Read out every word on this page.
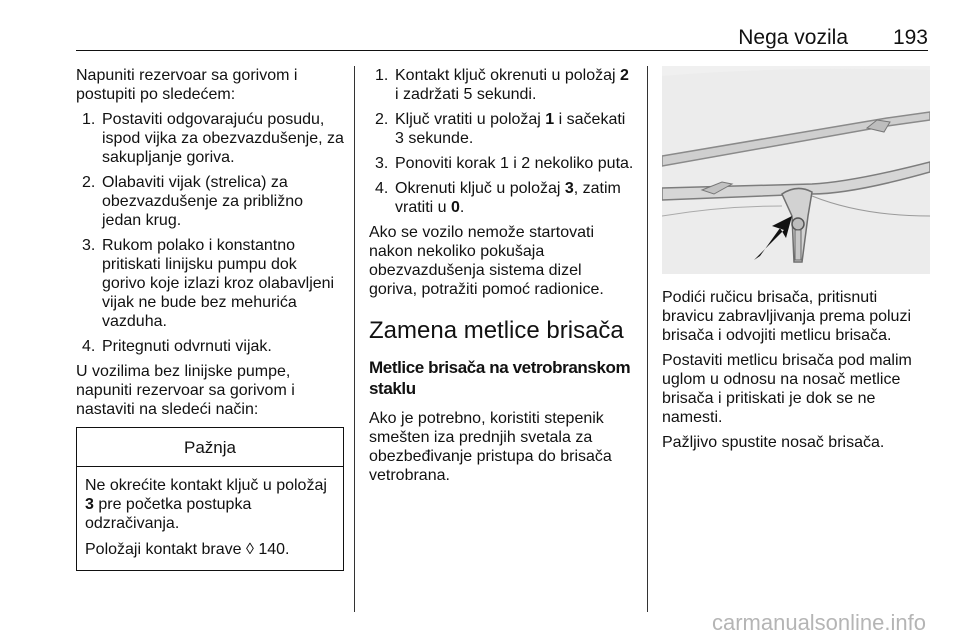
Nega vozila 193

Napuniti rezervoar sa gorivom i postupiti po sledećem:

1. Postaviti odgovarajuću posudu, ispod vijka za obezvazdušenje, za sakupljanje goriva.
2. Olabaviti vijak (strelica) za obezvazdušenje za približno jedan krug.
3. Rukom polako i konstantno pritiskati linijsku pumpu dok gorivo koje izlazi kroz olabavljeni vijak ne bude bez mehurića vazduha.
4. Pritegnuti odvrnuti vijak.

U vozilima bez linijske pumpe, napuniti rezervoar sa gorivom i nastaviti na sledeći način:

Pažnja

Ne okrećite kontakt ključ u položaj 3 pre početka postupka odzračivanja.

Položaji kontakt brave ◊ 140.

1. Kontakt ključ okrenuti u položaj 2 i zadržati 5 sekundi.
2. Ključ vratiti u položaj 1 i sačekati 3 sekunde.
3. Ponoviti korak 1 i 2 nekoliko puta.
4. Okrenuti ključ u položaj 3, zatim vratiti u 0.

Ako se vozilo nemože startovati nakon nekoliko pokušaja obezvazdušenja sistema dizel goriva, potražiti pomoć radionice.

Zamena metlice brisača
Metlice brisača na vetrobranskom staklu

Ako je potrebno, koristiti stepenik smešten iza prednjih svetala za obezbeđivanje pristupa do brisača vetrobrana.

Podići ručicu brisača, pritisnuti bravicu zabravljivanja prema poluzi brisača i odvojiti metlicu brisača.

Postaviti metlicu brisača pod malim uglom u odnosu na nosač metlice brisača i pritiskati je dok se ne namesti.

Pažljivo spustite nosač brisača.

carmanualsonline.info
